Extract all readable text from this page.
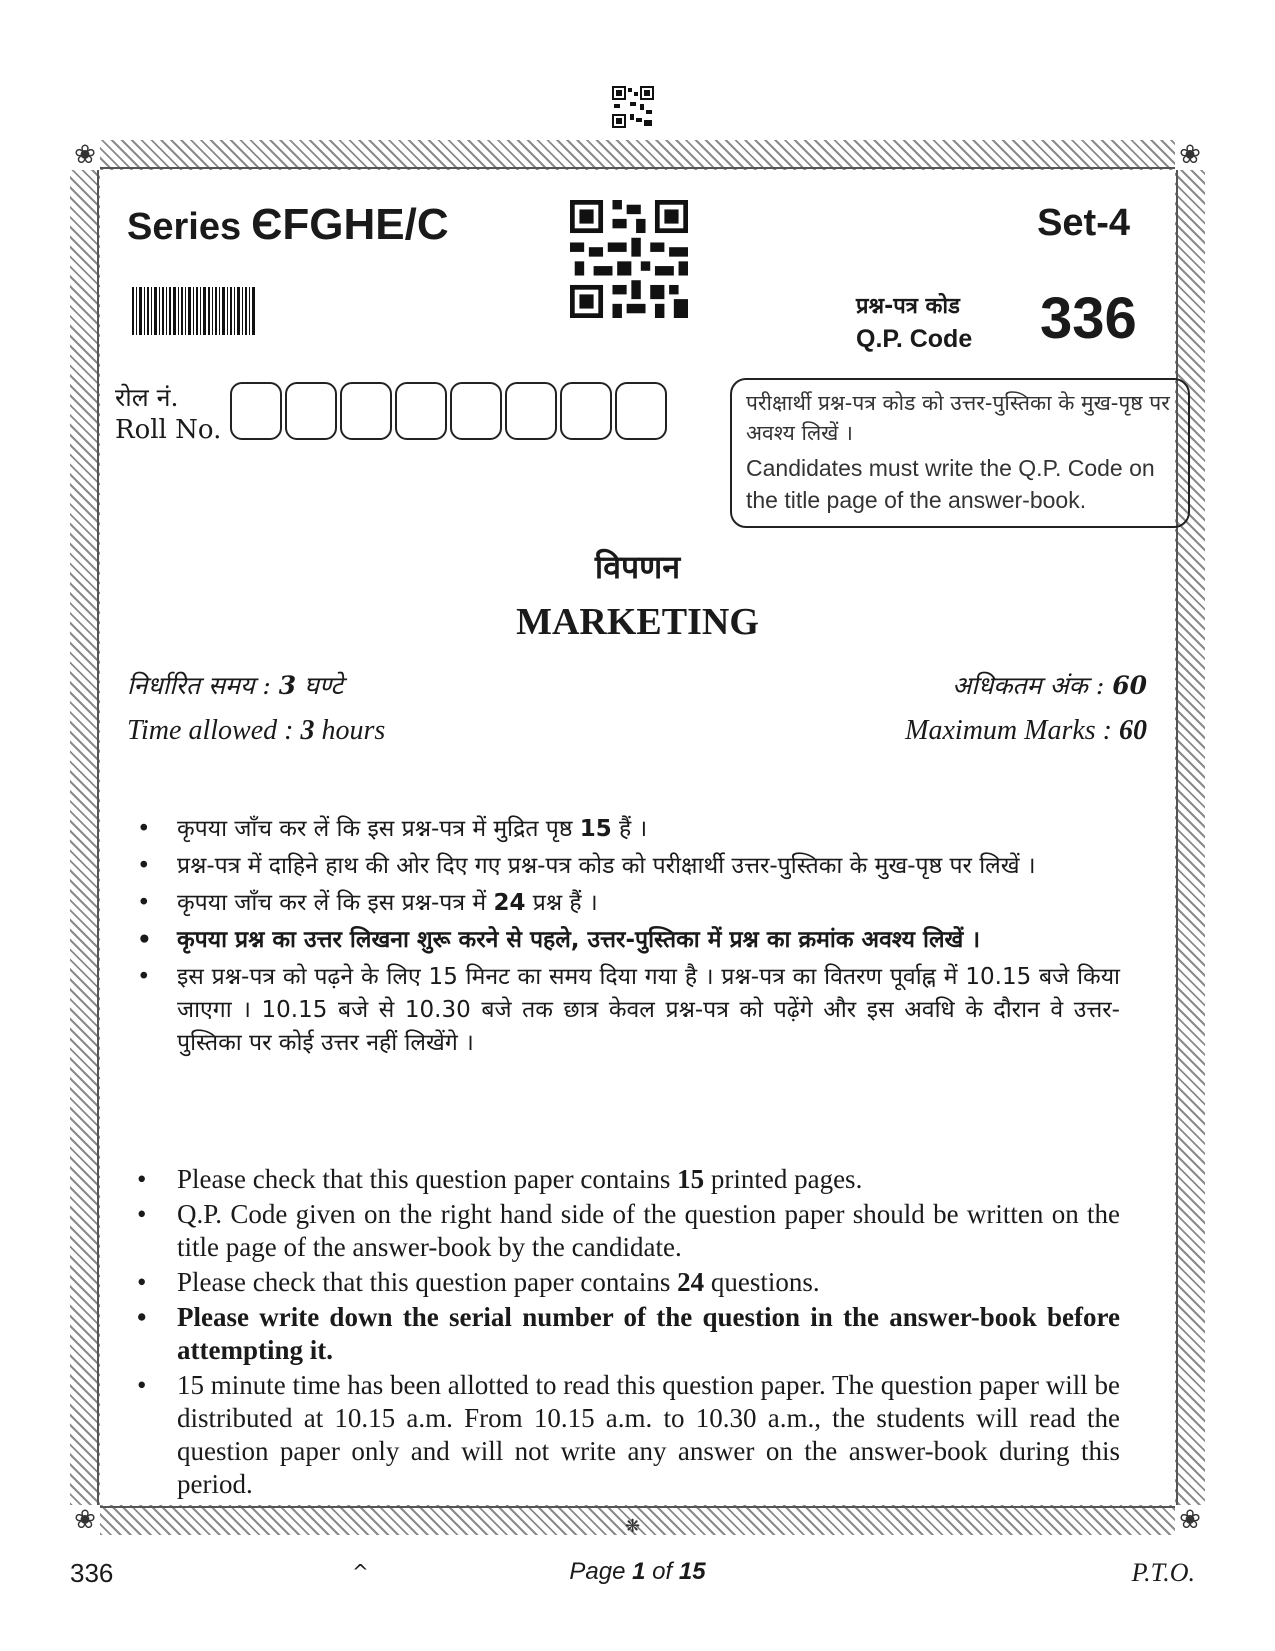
❀	❀
❀	❀
Series ЄFGHE/C	Set-4
प्रश्न-पत्र कोड
Q.P. Code 336
रोल नं.
Roll No.
परीक्षार्थी प्रश्न-पत्र कोड को उत्तर-पुस्तिका के मुख-पृष्ठ पर अवश्य लिखें ।
Candidates must write the Q.P. Code on the title page of the answer-book.
विपणन
MARKETING
निर्धारित समय : 3 घण्टे
Time allowed : 3 hours
अधिकतम अंक : 60
Maximum Marks : 60
• कृपया जाँच कर लें कि इस प्रश्न-पत्र में मुद्रित पृष्ठ 15 हैं ।
• प्रश्न-पत्र में दाहिने हाथ की ओर दिए गए प्रश्न-पत्र कोड को परीक्षार्थी उत्तर-पुस्तिका के मुख-पृष्ठ पर लिखें ।
• कृपया जाँच कर लें कि इस प्रश्न-पत्र में 24 प्रश्न हैं ।
• कृपया प्रश्न का उत्तर लिखना शुरू करने से पहले, उत्तर-पुस्तिका में प्रश्न का क्रमांक अवश्य लिखें ।
• इस प्रश्न-पत्र को पढ़ने के लिए 15 मिनट का समय दिया गया है । प्रश्न-पत्र का वितरण पूर्वाह्न में 10.15 बजे किया जाएगा । 10.15 बजे से 10.30 बजे तक छात्र केवल प्रश्न-पत्र को पढ़ेंगे और इस अवधि के दौरान वे उत्तर-पुस्तिका पर कोई उत्तर नहीं लिखेंगे ।
• Please check that this question paper contains 15 printed pages.
• Q.P. Code given on the right hand side of the question paper should be written on the title page of the answer-book by the candidate.
• Please check that this question paper contains 24 questions.
• Please write down the serial number of the question in the answer-book before attempting it.
• 15 minute time has been allotted to read this question paper. The question paper will be distributed at 10.15 a.m. From 10.15 a.m. to 10.30 a.m., the students will read the question paper only and will not write any answer on the answer-book during this period.
❋
336	^	Page 1 of 15	P.T.O.
